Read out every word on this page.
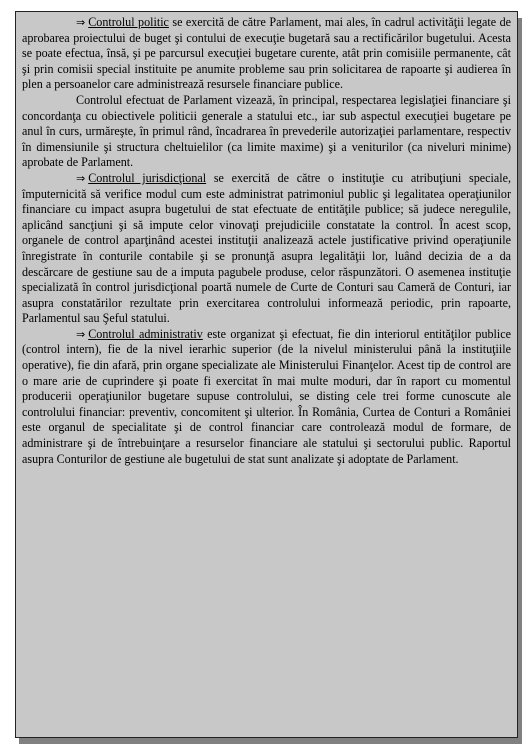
⇒ Controlul politic se exercită de către Parlament, mai ales, în cadrul activităţii legate de aprobarea proiectului de buget şi contului de execuţie bugetară sau a rectificărilor bugetului. Acesta se poate efectua, însă, şi pe parcursul execuţiei bugetare curente, atât prin comisiile permanente, cât şi prin comisii special instituite pe anumite probleme sau prin solicitarea de rapoarte şi audierea în plen a persoanelor care administrează resursele financiare publice.

Controlul efectuat de Parlament vizează, în principal, respectarea legislaţiei financiare şi concordanţa cu obiectivele politicii generale a statului etc., iar sub aspectul execuţiei bugetare pe anul în curs, urmăreşte, în primul rând, încadrarea în prevederile autorizaţiei parlamentare, respectiv în dimensiunile şi structura cheltuielilor (ca limite maxime) şi a veniturilor (ca niveluri minime) aprobate de Parlament.

⇒ Controlul jurisdicţional se exercită de către o instituţie cu atribuţiuni speciale, împuternicită să verifice modul cum este administrat patrimoniul public şi legalitatea operaţiunilor financiare cu impact asupra bugetului de stat efectuate de entităţile publice; să judece neregulile, aplicând sancţiuni şi să impute celor vinovaţi prejudiciile constatate la control. În acest scop, organele de control aparţinând acestei instituţii analizează actele justificative privind operaţiunile înregistrate în conturile contabile şi se pronunţă asupra legalităţii lor, luând decizia de a da descărcare de gestiune sau de a imputa pagubele produse, celor răspunzători. O asemenea instituţie specializată în control jurisdicţional poartă numele de Curte de Conturi sau Cameră de Conturi, iar asupra constatărilor rezultate prin exercitarea controlului informează periodic, prin rapoarte, Parlamentul sau Şeful statului.

⇒ Controlul administrativ este organizat şi efectuat, fie din interiorul entităţilor publice (control intern), fie de la nivel ierarhic superior (de la nivelul ministerului până la instituţiile operative), fie din afară, prin organe specializate ale Ministerului Finanţelor. Acest tip de control are o mare arie de cuprindere şi poate fi exercitat în mai multe moduri, dar în raport cu momentul producerii operaţiunilor bugetare supuse controlului, se disting cele trei forme cunoscute ale controlului financiar: preventiv, concomitent şi ulterior. În România, Curtea de Conturi a României este organul de specialitate şi de control financiar care controlează modul de formare, de administrare şi de întrebuinţare a resurselor financiare ale statului şi sectorului public. Raportul asupra Conturilor de gestiune ale bugetului de stat sunt analizate şi adoptate de Parlament.
